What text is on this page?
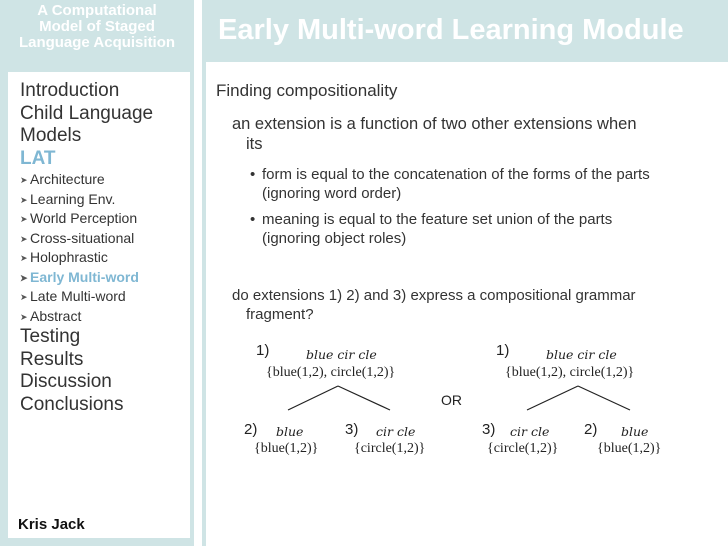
A Computational
Model of Staged
Language Acquisition	Early Multi-word Learning Module
Introduction
Child Language
Models
LAT
➤ Architecture
➤ Learning Env.
➤ World Perception
➤ Cross-situational
➤ Holophrastic
➤ Early Multi-word
➤ Late Multi-word
➤ Abstract
Testing
Results
Discussion
Conclusions
Kris Jack
Finding compositionality
an extension is a function of two other extensions when
its
• form is equal to the concatenation of the forms of the parts
(ignoring word order)
• meaning is equal to the feature set union of the parts
(ignoring object roles)
do extensions 1) 2) and 3) express a compositional grammar
fragment?
1)	blue cir cle
{blue(1,2), circle(1,2)}
2) blue
{blue(1,2)}
3) cir cle
{circle(1,2)}
OR
1)	blue cir cle
{blue(1,2), circle(1,2)}
3) cir cle
{circle(1,2)}
2) blue
{blue(1,2)}
